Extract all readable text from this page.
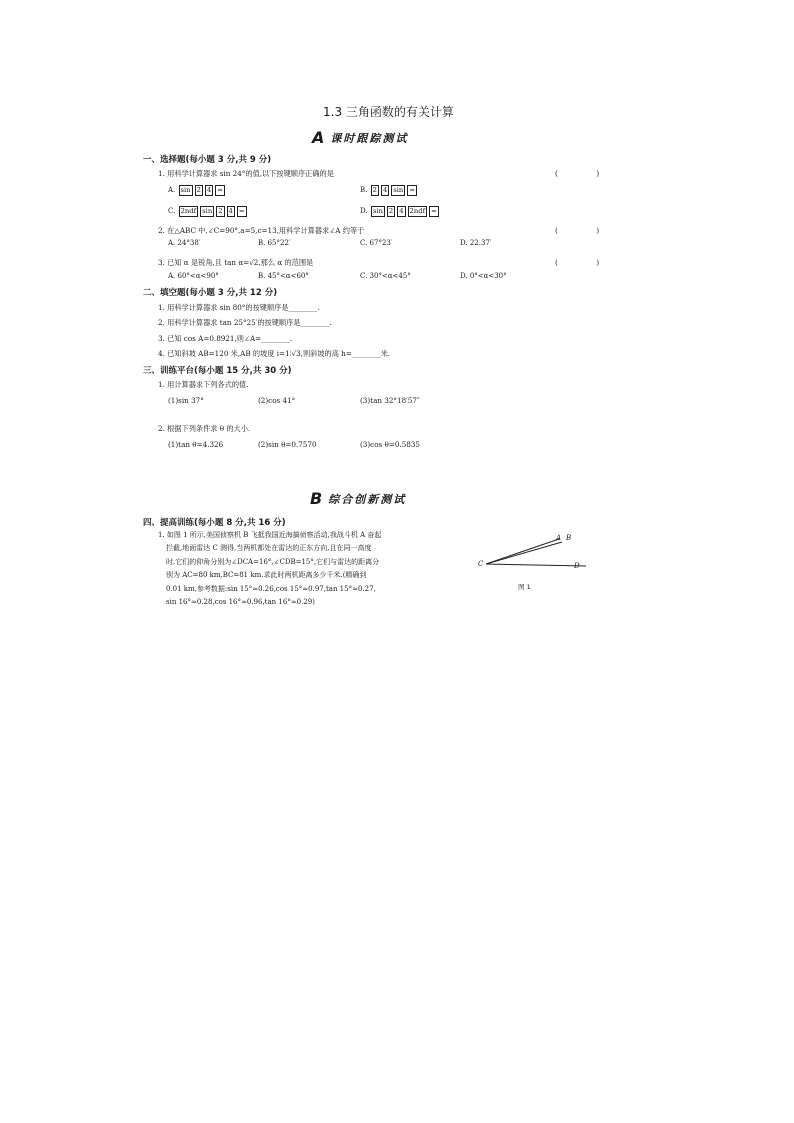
1.3 三角函数的有关计算
A 课时跟踪测试
一、选择题(每小题 3 分,共 9 分)
1. 用科学计算器求 sin 24°的值,以下按键顺序正确的是	( )
A. sin 2 4 =	B. 2 4 sin =
C. 2ndf sin 2 4 =	D. sin 2 4 2ndf =
2. 在△ABC 中,∠C=90°,a=5,c=13,用科学计算器求∠A 约等于	( )
A. 24°38′	B. 65°22′	C. 67°23′	D. 22.37′
3. 已知 α 是锐角,且 tan α=√2,那么 α 的范围是	( )
A. 60°<α<90°	B. 45°<α<60°	C. 30°<α<45°	D. 0°<α<30°
二、填空题(每小题 3 分,共 12 分)
1. 用科学计算器求 sin 80°的按键顺序是________.
2. 用科学计算器求 tan 25°25′的按键顺序是________.
3. 已知 cos A=0.8921,则∠A=________.
4. 已知斜坡 AB=120 米,AB 的坡度 i=1∶√3,则斜坡的高 h=________米.
三、训练平台(每小题 15 分,共 30 分)
1. 用计算器求下列各式的值.
(1)sin 37°	(2)cos 41°	(3)tan 32°18′57″
2. 根据下列条件求 θ 的大小.
(1)tan θ=4.326	(2)sin θ=0.7570	(3)cos θ=0.5835
B 综合创新测试
四、提高训练(每小题 8 分,共 16 分)
1. 如图 1 所示,美国侦察机 B 飞抵我国近海搞侦察活动,我战斗机 A 奋起
拦截,地面雷达 C 测得,当两机都处在雷达的正东方向,且在同一高度
时,它们的仰角分别为∠DCA=16°,∠CDB=15°,它们与雷达的距离分
别为 AC=80 km,BC=81 km.求此时两机距离多少千米.(精确到
0.01 km,参考数据:sin 15°≈0.26,cos 15°≈0.97,tan 15°≈0.27,
sin 16°≈0.28,cos 16°≈0.96,tan 16°≈0.29)
A B
C	D
图 1
